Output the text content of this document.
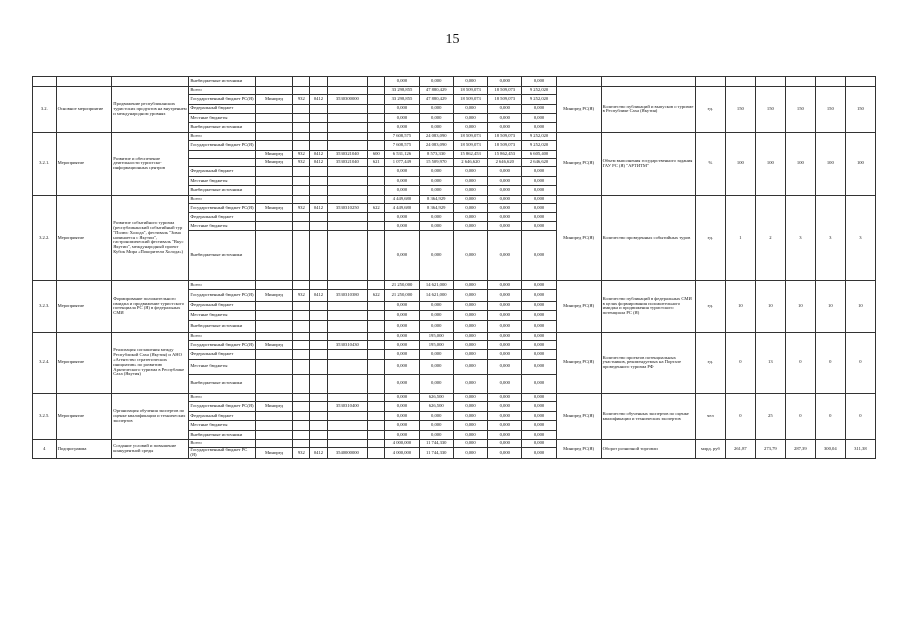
15
			Внебюджетные источники						0,000	0,000	0,000	0,000	0,000								
3.2.	Основное мероприятие	Продвижение республиканских туристских продуктов на внутреннем и международном уровнях	Всего						33 298,855	47 880,429	18 509,073	18 509,073	9 252,020	Минпред РС(Я)	Количество публикаций и выпусков о туризме в Республике Саха (Якутия)	ед.	150	150	150	150	150
			Государственный бюджет РС(Я)	Минпред	932	0412	3530300000		33 298,855	47 880,429	18 509,073	18 509,073	9 252,020								
			Федеральный бюджет						0,000	0,000	0,000	0,000	0,000								
			Местные бюджеты						0,000	0,000	0,000	0,000	0,000								
			Внебюджетные источники						0,000	0,000	0,000	0,000	0,000								
3.2.1.	Мероприятие	Развитие и обеспечение деятельности туристско-информационных центров	Всего						7 608,575	24 083,090	18 509,073	18 509,073	9 252,020	Минпред РС(Я)	Объем выполнения государственного задания ГАУ РС (Я) "АРТИТМ"	%	100	100	100	100	100
			Государственный бюджет РС(Я)						7 608,575	24 083,090	18 509,073	18 509,073	9 252,020								
				Минпред	932	0412	3530321040	600	6 531,126	8 573,330	15 862,453	15 862,453	6 605,400								
				Минпред	932	0412	3530321040	621	1 077,449	15 509,970	2 646,620	2 646,620	2 646,620								
			Федеральный бюджет						0,000	0,000	0,000	0,000	0,000								
			Местные бюджеты						0,000	0,000	0,000	0,000	0,000								
			Внебюджетные источники						0,000	0,000	0,000	0,000	0,000								
3.2.2.	Мероприятие	Развитие событийного туризма (республиканский событийный тур "Полюс Холода", фестиваль "Зима начинается с Якутии", гастрономический фестиваль "Вкус Якутии", международный проект Кубок Мира «Покорители Холода»)	Всего						4 449,680	8 364,929	0,000	0,000	0,000	Минпред РС(Я)	Количество проведенных событийных туров	ед.	1	2	3	3	3
			Государственный бюджет РС(Я)	Минпред	932	0412	3530310250	622	4 449,680	8 364,929	0,000	0,000	0,000								
			Федеральный бюджет						0,000	0,000	0,000	0,000	0,000								
			Местные бюджеты						0,000	0,000	0,000	0,000	0,000								
			Внебюджетные источники						0,000	0,000	0,000	0,000	0,000								
3.2.3.	Мероприятие	Формирование положительного имиджа и продвижение туристского потенциала РС (Я) в федеральных СМИ	Всего						21 250,000	14 621,000	0,000	0,000	0,000	Минпред РС(Я)	Количество публикаций в федеральных СМИ в целях формирования положительного имиджа и продвижения туристского потенциала РС (Я)	ед.	10	10	10	10	10
			Государственный бюджет РС(Я)	Минпред	932	0412	3530310380	622	21 250,000	14 621,000	0,000	0,000	0,000								
			Федеральный бюджет						0,000	0,000	0,000	0,000	0,000								
			Местные бюджеты						0,000	0,000	0,000	0,000	0,000								
			Внебюджетные источники						0,000	0,000	0,000	0,000	0,000								
3.2.4.	Мероприятие	Реализация соглашения между Республикой Саха (Якутия) и АНО «Агентство стратегических инициатив» по развитию Арктического туризма в Республике Саха (Якутия)	Всего						0,000	195,000	0,000	0,000	0,000	Минпред РС(Я)	Количество проектов потенциальных участников, рекомендуемых на Портале проведенного туризма РФ	ед.	0	13	0	0	0
			Государственный бюджет РС(Я)	Минпред			3530310430		0,000	195,000	0,000	0,000	0,000								
			Федеральный бюджет						0,000	0,000	0,000	0,000	0,000								
			Местные бюджеты						0,000	0,000	0,000	0,000	0,000								
			Внебюджетные источники						0,000	0,000	0,000	0,000	0,000								
3.2.5.	Мероприятие	Организация обучения экспертов по оценке квалификации и технических экспертов	Всего						0,000	626,500	0,000	0,000	0,000	Минпред РС(Я)	Количество обученных экспертов по оценке квалификации и технических экспертов	чел	0	25	0	0	0
			Государственный бюджет РС(Я)	Минпред			3530310400		0,000	626,500	0,000	0,000	0,000								
			Федеральный бюджет						0,000	0,000	0,000	0,000	0,000								
			Местные бюджеты						0,000	0,000	0,000	0,000	0,000								
			Внебюджетные источники						0,000	0,000	0,000	0,000	0,000								
4	Подпрограмма	Создание условий и повышение конкурентной среды	Всего						4 000,000	11 744,330	0,000	0,000	0,000	Минпред РС(Я)	Оборот розничной торговли	млрд. руб	261,87	273,79	287,39	300,04	311,38
			Государственный бюджет РС (Я)	Минпред	932	0412	3540000000		4 000,000	11 744,330	0,000	0,000	0,000								
